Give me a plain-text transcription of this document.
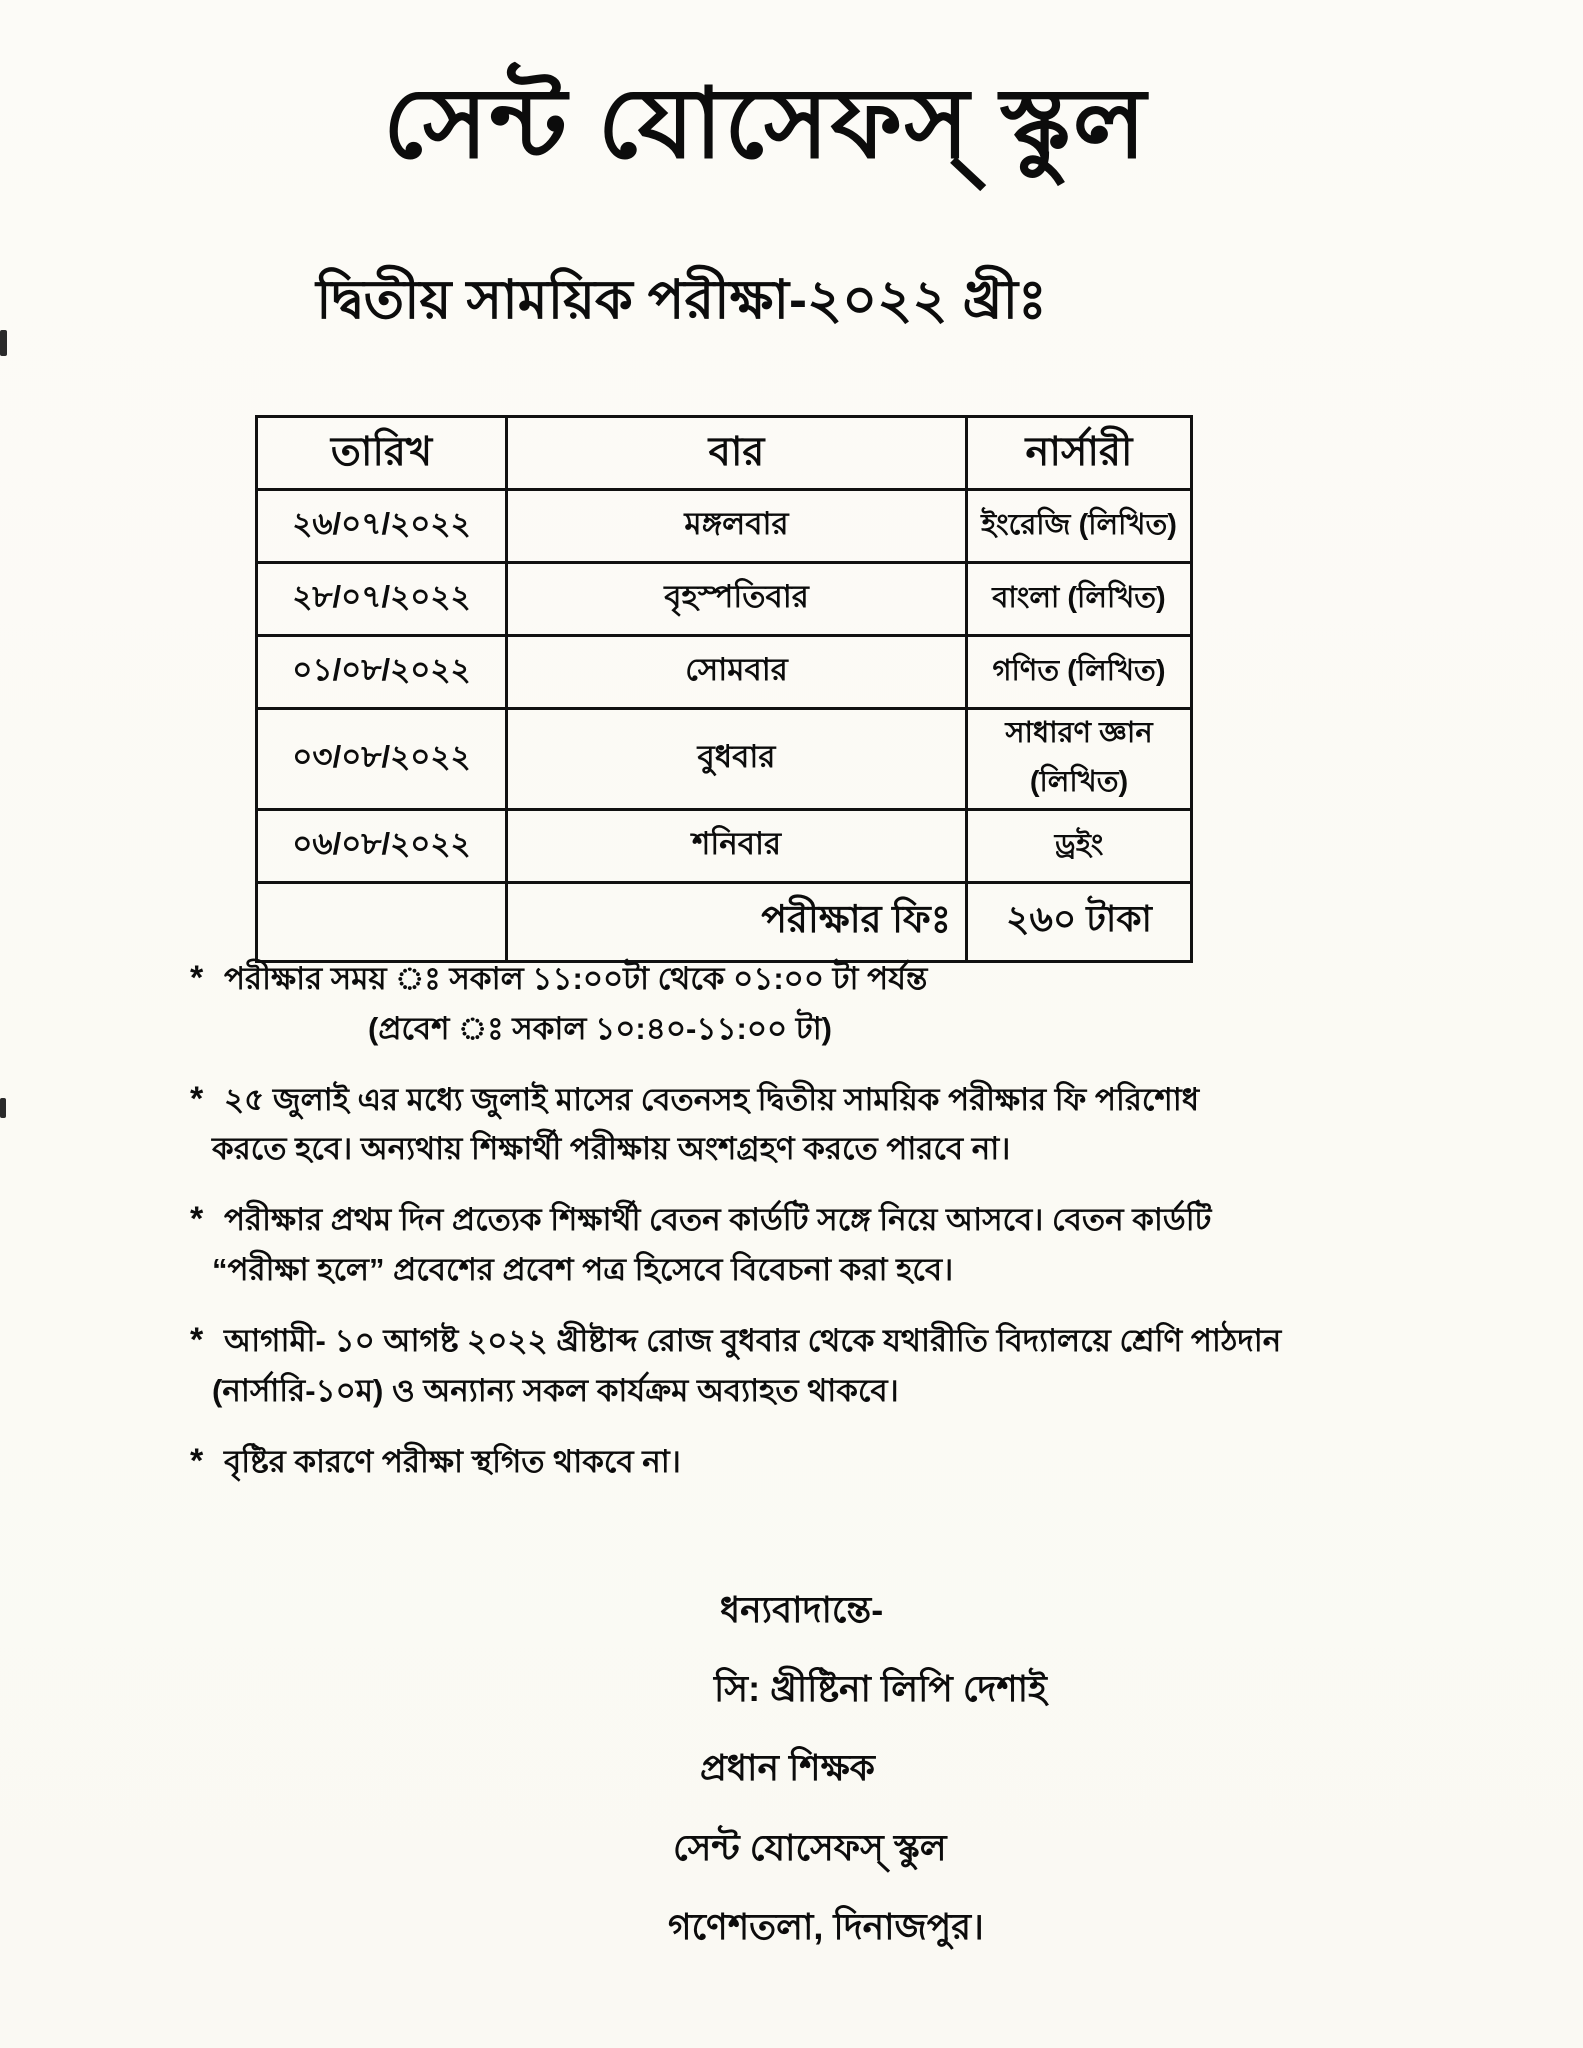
সেন্ট যোসেফস্ স্কুল
দ্বিতীয় সাময়িক পরীক্ষা-২০২২ খ্রীঃ
তারিখ	বার	নার্সারী
২৬/০৭/২০২২	মঙ্গলবার	ইংরেজি (লিখিত)
২৮/০৭/২০২২	বৃহস্পতিবার	বাংলা (লিখিত)
০১/০৮/২০২২	সোমবার	গণিত (লিখিত)
০৩/০৮/২০২২	বুধবার	সাধারণ জ্ঞান (লিখিত)
০৬/০৮/২০২২	শনিবার	ড্রইং
	পরীক্ষার ফিঃ	২৬০ টাকা
* পরীক্ষার সময় ঃ সকাল ১১:০০টা থেকে ০১:০০ টা পর্যন্ত
(প্রবেশ ঃ সকাল ১০:৪০-১১:০০ টা)
* ২৫ জুলাই এর মধ্যে জুলাই মাসের বেতনসহ দ্বিতীয় সাময়িক পরীক্ষার ফি পরিশোধ
করতে হবে। অন্যথায় শিক্ষার্থী পরীক্ষায় অংশগ্রহণ করতে পারবে না।
* পরীক্ষার প্রথম দিন প্রত্যেক শিক্ষার্থী বেতন কার্ডটি সঙ্গে নিয়ে আসবে। বেতন কার্ডটি
“পরীক্ষা হলে” প্রবেশের প্রবেশ পত্র হিসেবে বিবেচনা করা হবে।
* আগামী- ১০ আগষ্ট ২০২২ খ্রীষ্টাব্দ রোজ বুধবার থেকে যথারীতি বিদ্যালয়ে শ্রেণি পাঠদান
(নার্সারি-১০ম) ও অন্যান্য সকল কার্যক্রম অব্যাহত থাকবে।
* বৃষ্টির কারণে পরীক্ষা স্থগিত থাকবে না।
ধন্যবাদান্তে-
সি: খ্রীষ্টিনা লিপি দেশাই
প্রধান শিক্ষক
সেন্ট যোসেফস্ স্কুল
গণেশতলা, দিনাজপুর।
